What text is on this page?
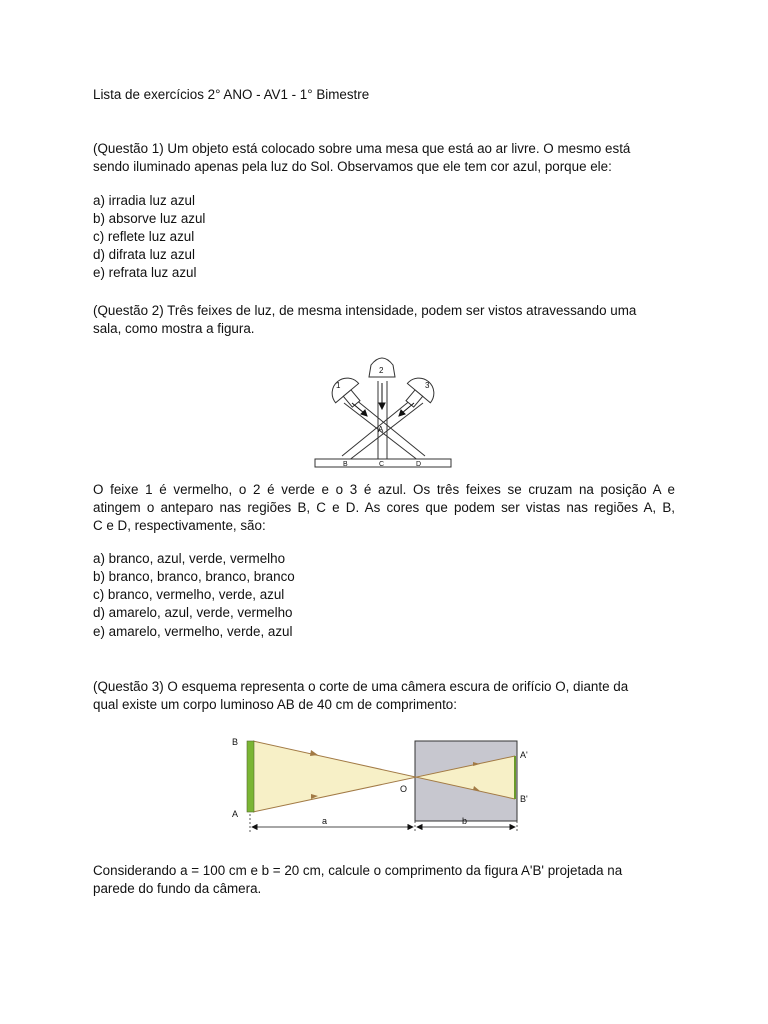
Lista de exercícios 2° ANO - AV1 - 1° Bimestre

(Questão 1) Um objeto está colocado sobre uma mesa que está ao ar livre. O mesmo está

sendo iluminado apenas pela luz do Sol. Observamos que ele tem cor azul, porque ele:

a) irradia luz azul

b) absorve luz azul

c) reflete luz azul

d) difrata luz azul

e) refrata luz azul

(Questão 2) Três feixes de luz, de mesma intensidade, podem ser vistos atravessando uma

sala, como mostra a figura.

1
2
3
A
B	C	D

O feixe 1 é vermelho, o 2 é verde e o 3 é azul. Os três feixes se cruzam na posição A e

atingem o anteparo nas regiões B, C e D. As cores que podem ser vistas nas regiões A, B,

C e D, respectivamente, são:

a) branco, azul, verde, vermelho

b) branco, branco, branco, branco

c) branco, vermelho, verde, azul

d) amarelo, azul, verde, vermelho

e) amarelo, vermelho, verde, azul

(Questão 3) O esquema representa o corte de uma câmera escura de orifício O, diante da

qual existe um corpo luminoso AB de 40 cm de comprimento:

B
A
O
A'
B'
a	b

Considerando a = 100 cm e b = 20 cm, calcule o comprimento da figura A'B' projetada na

parede do fundo da câmera.
